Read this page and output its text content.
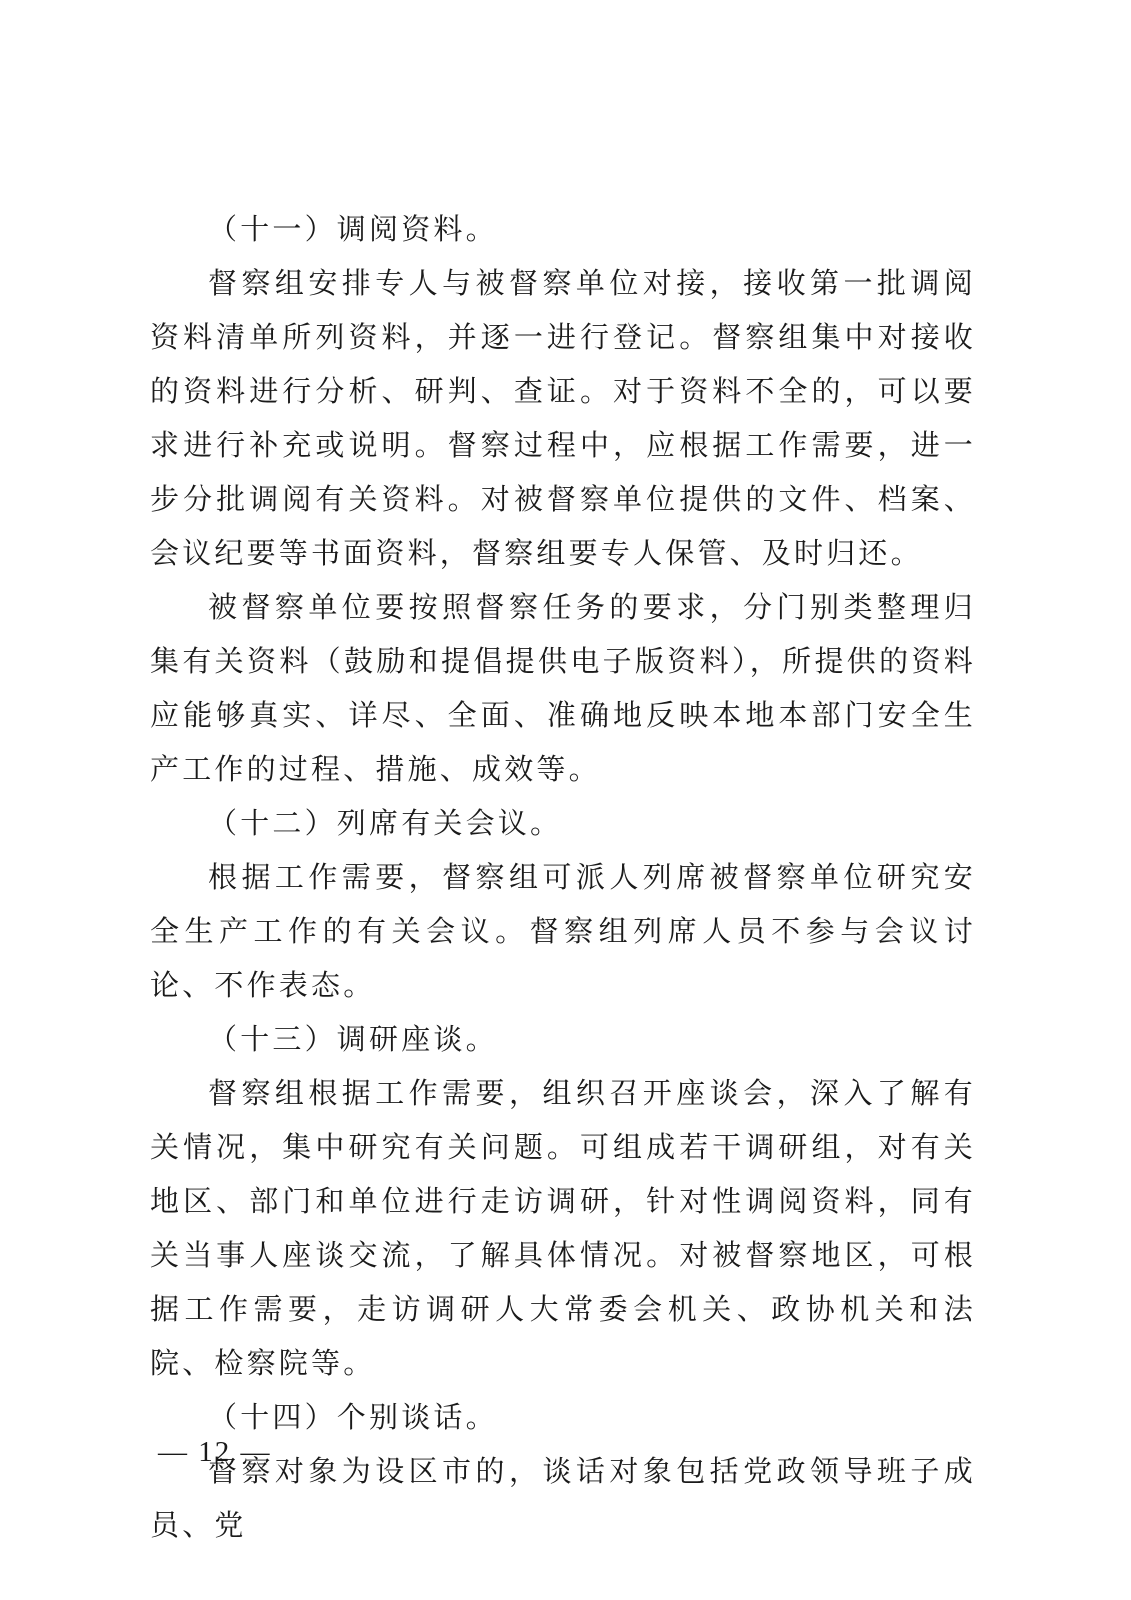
（十一）调阅资料。

督察组安排专人与被督察单位对接，接收第一批调阅资料清单所列资料，并逐一进行登记。督察组集中对接收的资料进行分析、研判、查证。对于资料不全的，可以要求进行补充或说明。督察过程中，应根据工作需要，进一步分批调阅有关资料。对被督察单位提供的文件、档案、会议纪要等书面资料，督察组要专人保管、及时归还。

被督察单位要按照督察任务的要求，分门别类整理归集有关资料（鼓励和提倡提供电子版资料），所提供的资料应能够真实、详尽、全面、准确地反映本地本部门安全生产工作的过程、措施、成效等。

（十二）列席有关会议。

根据工作需要，督察组可派人列席被督察单位研究安全生产工作的有关会议。督察组列席人员不参与会议讨论、不作表态。

（十三）调研座谈。

督察组根据工作需要，组织召开座谈会，深入了解有关情况，集中研究有关问题。可组成若干调研组，对有关地区、部门和单位进行走访调研，针对性调阅资料，同有关当事人座谈交流，了解具体情况。对被督察地区，可根据工作需要，走访调研人大常委会机关、政协机关和法院、检察院等。

（十四）个别谈话。

督察对象为设区市的，谈话对象包括党政领导班子成员、党

— 12 —
